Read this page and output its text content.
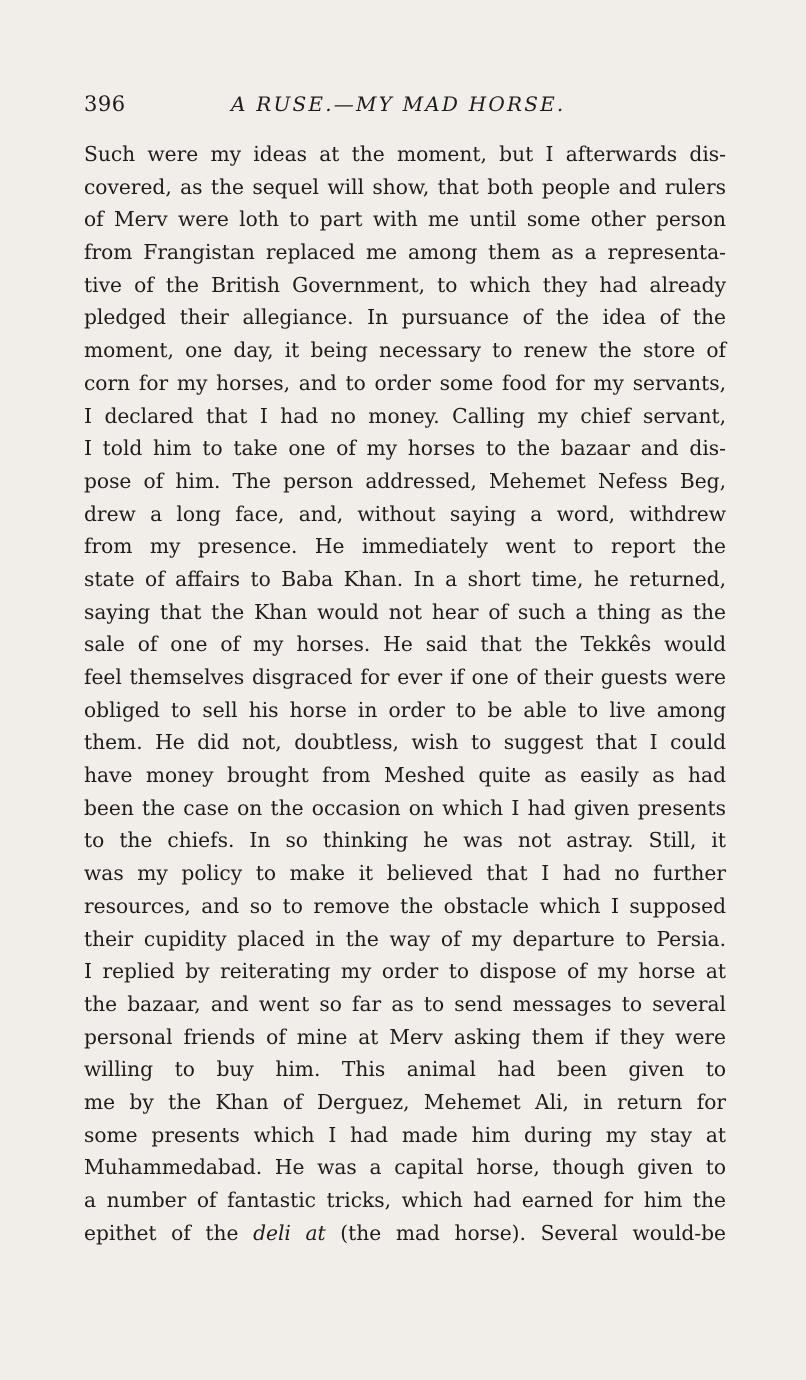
396	A RUSE.—MY MAD HORSE.
Such were my ideas at the moment, but I afterwards dis-
covered, as the sequel will show, that both people and rulers
of Merv were loth to part with me until some other person
from Frangistan replaced me among them as a representa-
tive of the British Government, to which they had already
pledged their allegiance. In pursuance of the idea of the
moment, one day, it being necessary to renew the store of
corn for my horses, and to order some food for my servants,
I declared that I had no money. Calling my chief servant,
I told him to take one of my horses to the bazaar and dis-
pose of him. The person addressed, Mehemet Nefess Beg,
drew a long face, and, without saying a word, withdrew
from my presence. He immediately went to report the
state of affairs to Baba Khan. In a short time, he returned,
saying that the Khan would not hear of such a thing as the
sale of one of my horses. He said that the Tekkês would
feel themselves disgraced for ever if one of their guests were
obliged to sell his horse in order to be able to live among
them. He did not, doubtless, wish to suggest that I could
have money brought from Meshed quite as easily as had
been the case on the occasion on which I had given presents
to the chiefs. In so thinking he was not astray. Still, it
was my policy to make it believed that I had no further
resources, and so to remove the obstacle which I supposed
their cupidity placed in the way of my departure to Persia.
I replied by reiterating my order to dispose of my horse at
the bazaar, and went so far as to send messages to several
personal friends of mine at Merv asking them if they were
willing to buy him. This animal had been given to
me by the Khan of Derguez, Mehemet Ali, in return for
some presents which I had made him during my stay at
Muhammedabad. He was a capital horse, though given to
a number of fantastic tricks, which had earned for him the
epithet of the deli at (the mad horse). Several would-be
